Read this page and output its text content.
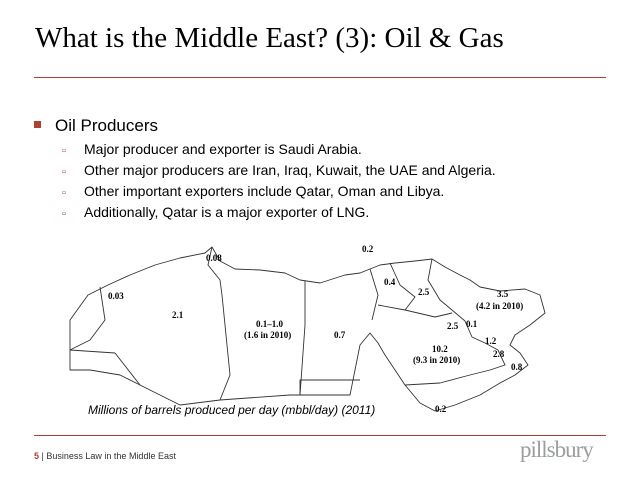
What is the Middle East? (3): Oil & Gas
Oil Producers
▫ Major producer and exporter is Saudi Arabia.
▫ Other major producers are Iran, Iraq, Kuwait, the UAE and Algeria.
▫ Other important exporters include Qatar, Oman and Libya.
▫ Additionally, Qatar is a major exporter of LNG.
0.03
2.1
0.08
0.1–1.0
(1.6 in 2010)	0.7
0.4
0.2
2.5	3.5
(4.2 in 2010)
2.5 0.1
1.2
2.8
0.8
10.2
(9.3 in 2010)
0.2
Millions of barrels produced per day (mbbl/day) (2011)
5 | Business Law in the Middle East	pillsbury
